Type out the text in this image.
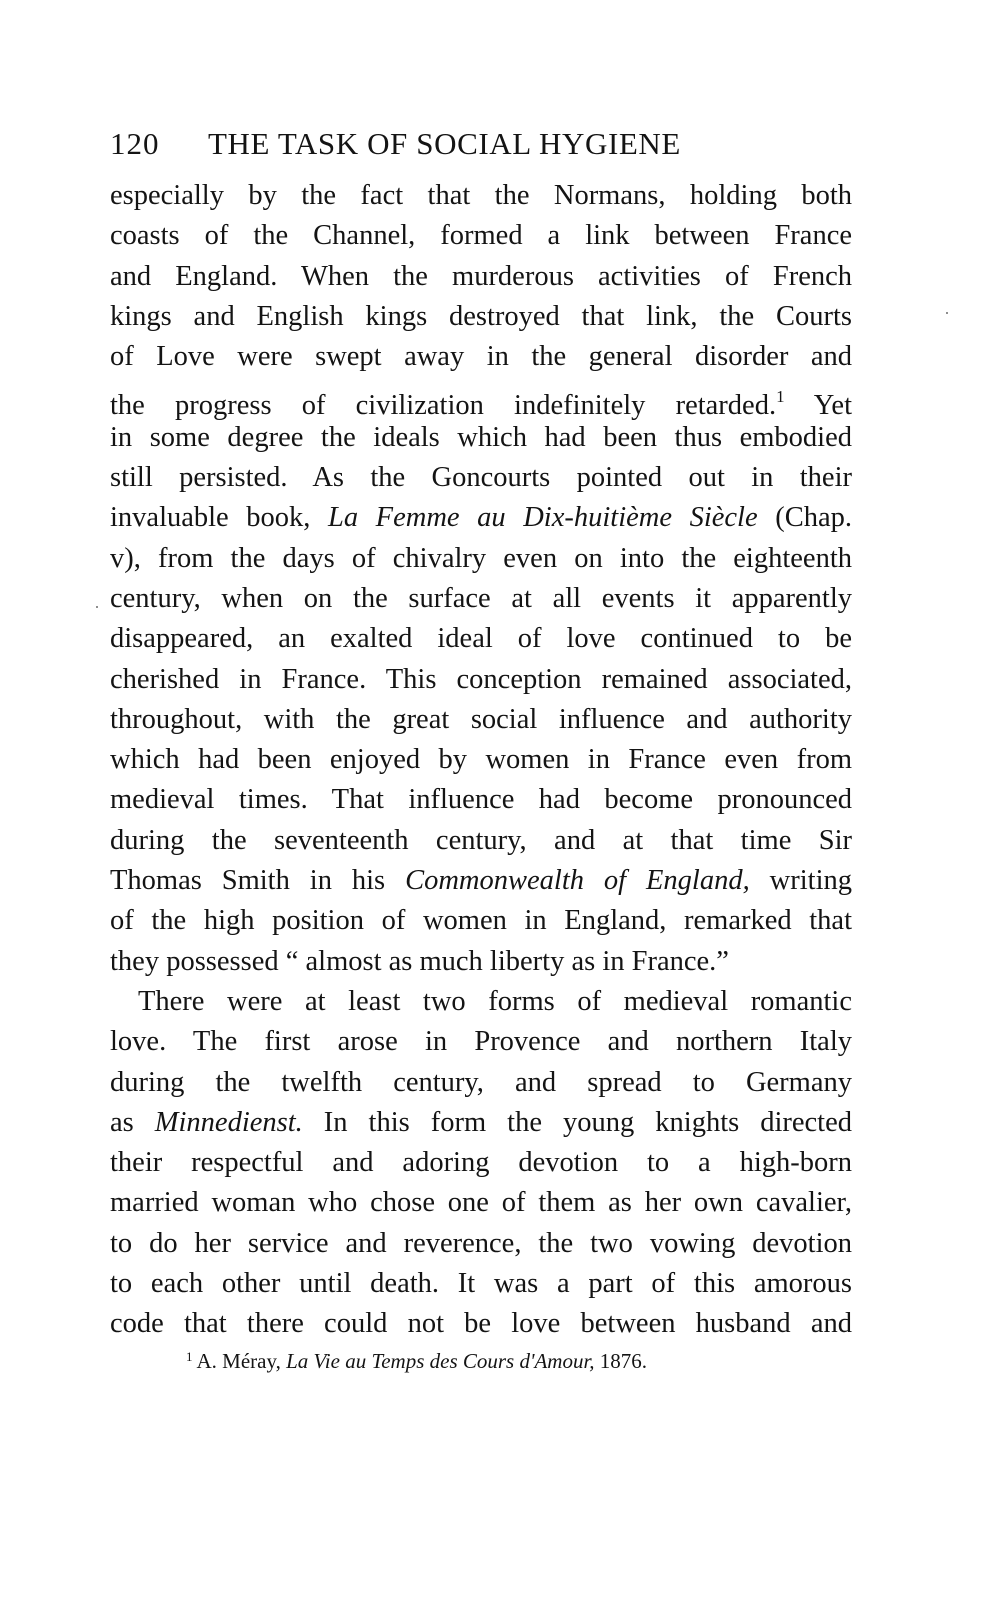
120 THE TASK OF SOCIAL HYGIENE
especially by the fact that the Normans, holding both
coasts of the Channel, formed a link between France
and England. When the murderous activities of French
kings and English kings destroyed that link, the Courts
of Love were swept away in the general disorder and
the progress of civilization indefinitely retarded.$^1$ Yet
in some degree the ideals which had been thus embodied
still persisted. As the Goncourts pointed out in their
invaluable book, La Femme au Dix-huitième Siècle (Chap.
v), from the days of chivalry even on into the eighteenth
century, when on the surface at all events it apparently
disappeared, an exalted ideal of love continued to be
cherished in France. This conception remained associated,
throughout, with the great social influence and authority
which had been enjoyed by women in France even from
medieval times. That influence had become pronounced
during the seventeenth century, and at that time Sir
Thomas Smith in his Commonwealth of England, writing
of the high position of women in England, remarked that
they possessed “ almost as much liberty as in France.”
There were at least two forms of medieval romantic
love. The first arose in Provence and northern Italy
during the twelfth century, and spread to Germany
as Minnedienst. In this form the young knights directed
their respectful and adoring devotion to a high-born
married woman who chose one of them as her own cavalier,
to do her service and reverence, the two vowing devotion
to each other until death. It was a part of this amorous
code that there could not be love between husband and
$^1$ A. Méray, La Vie au Temps des Cours d'Amour, 1876.
